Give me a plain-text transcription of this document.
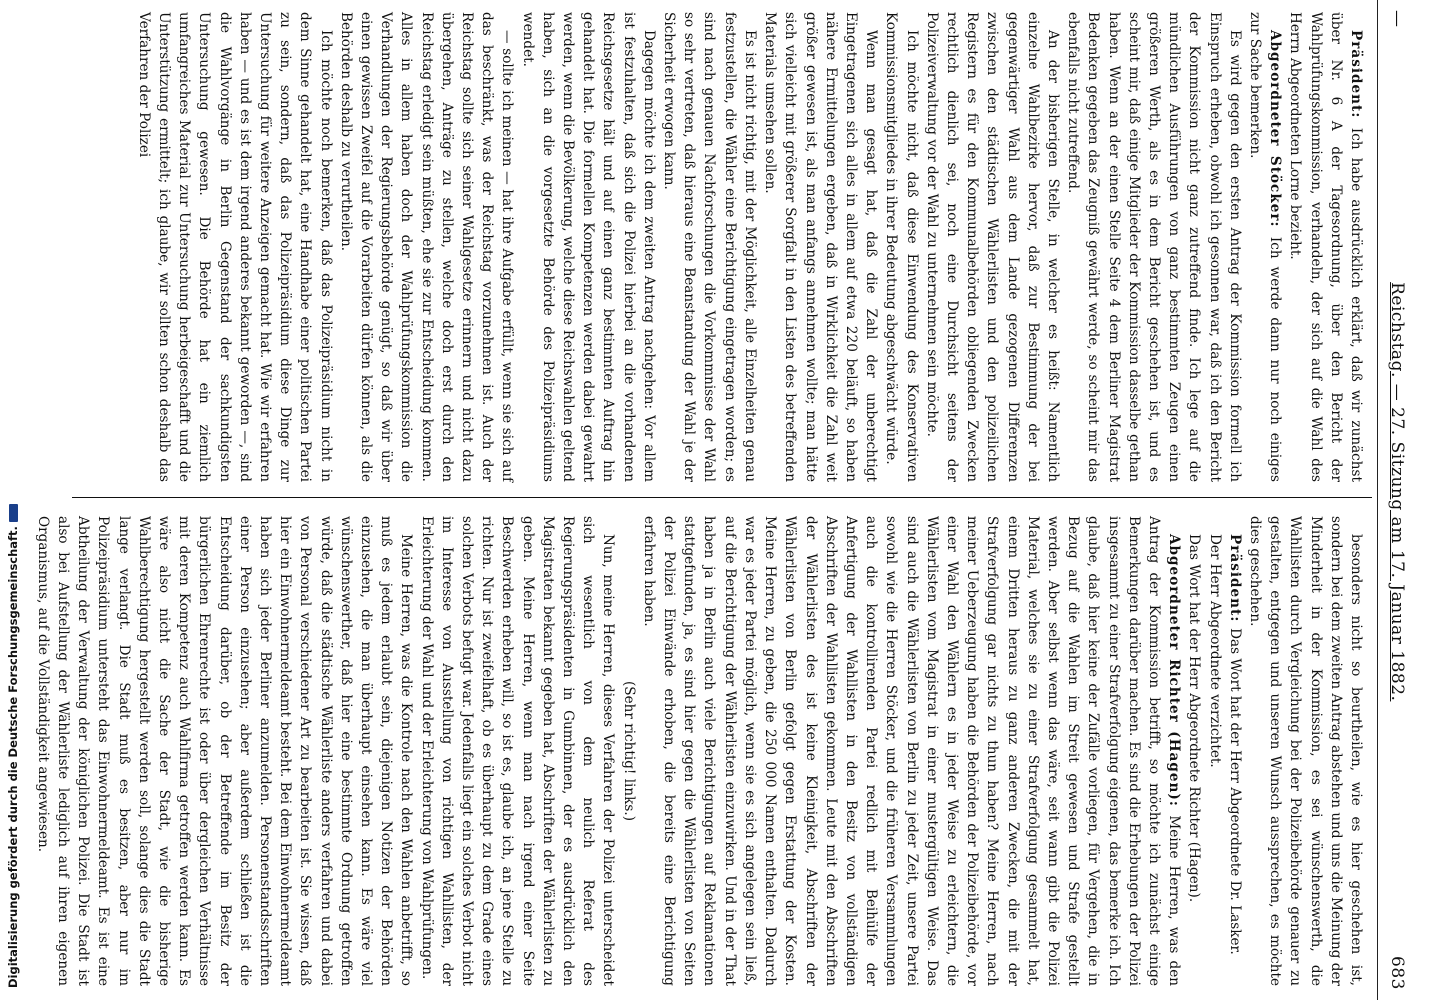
Digitalisierung gefördert durch die Deutsche Forschungsgemeinschaft.
—
Reichstag. — 27. Sitzung am 17. Januar 1882.
683

Präsident: Ich habe ausdrücklich erklärt, daß wir zunächst über Nr. 6 A der Tagesordnung, über den Bericht der Wahlprüfungskommission, verhandeln, der sich auf die Wahl des Herrn Abgeordneten Lorne bezieht.

Abgeordneter Stöcker: Ich werde dann nur noch einiges zur Sache bemerken.

Es wird gegen den ersten Antrag der Kommission formell ich Einspruch erheben, obwohl ich gesonnen war, daß ich den Bericht der Kommission nicht ganz zutreffend finde. Ich lege auf die mündlichen Ausführungen von ganz bestimmten Zeugen einen größeren Werth, als es in dem Bericht geschehen ist, und es scheint mir, daß einige Mitglieder der Kommission dasselbe gethan haben. Wenn an der einen Stelle Seite 4 dem Berliner Magistrat Bedenken gegeben das Zeugniß gewährt werde, so scheint mir das ebenfalls nicht zutreffend.

An der bisherigen Stelle, in welcher es heißt: Namentlich einzelne Wahlbezirke hervor, daß zur Bestimmung der bei gegenwärtiger Wahl aus dem Lande gezogenen Differenzen zwischen den städtischen Wählerlisten und den polizeilichen Registern es für den Kommunalbehörden obliegenden Zwecken rechtlich dienlich sei, noch eine Durchsicht seitens der Polizeiverwaltung vor der Wahl zu unternehmen sein möchte.

Ich möchte nicht, daß diese Einwendung des Konservativen Kommissionsmitgliedes in ihrer Bedeutung abgeschwächt würde.

Wenn man gesagt hat, daß die Zahl der unberechtigt Eingetragenen sich alles in allem auf etwa 220 beläuft, so haben nähere Ermittelungen ergeben, daß in Wirklichkeit die Zahl weit größer gewesen ist, als man anfangs annehmen wollte; man hätte sich vielleicht mit größerer Sorgfalt in den Listen des betreffenden Materials umsehen sollen.

Es ist nicht richtig, mit der Möglichkeit, alle Einzelheiten genau festzustellen, die Wähler eine Berichtigung eingetragen worden; es sind nach genauen Nachforschungen die Vorkommnisse der Wahl so sehr vertreten, daß hieraus eine Beanstandung der Wahl je der Sicherheit erwogen kann.

Dagegen möchte ich dem zweiten Antrag nachgehen: Vor allem ist festzuhalten, daß sich die Polizei hierbei an die vorhandenen Reichsgesetze hält und auf einen ganz bestimmten Auftrag hin gehandelt hat. Die formellen Kompetenzen werden dabei gewahrt werden, wenn die Bevölkerung, welche diese Reichswahlen geltend haben, sich an die vorgesetzte Behörde des Polizeipräsidiums wendet.

— sollte ich meinen — hat ihre Aufgabe erfüllt, wenn sie sich auf das beschränkt, was der Reichstag vorzunehmen ist. Auch der Reichstag sollte sich seiner Wahlgesetze erinnern und nicht dazu übergehen, Anträge zu stellen, welche doch erst durch den Reichstag erledigt sein müßten, ehe sie zur Entscheidung kommen. Alles in allem haben doch der Wahlprüfungskommission die Verhandlungen der Regierungsbehörde genügt, so daß wir über einen gewissen Zweifel auf die Vorarbeiten dürfen können, als die Behörden deshalb zu verurtheilen.

Ich möchte noch bemerken, daß das Polizeipräsidium nicht in dem Sinne gehandelt hat, eine Handhabe einer politischen Partei zu sein, sondern, daß das Polizeipräsidium diese Dinge zur Untersuchung für weitere Anzeigen gemacht hat. Wie wir erfahren haben — und es ist dem irgend anderes bekannt geworden —, sind die Wahlvorgänge in Berlin Gegenstand der sachkundigsten Untersuchung gewesen. Die Behörde hat ein ziemlich umfangreiches Material zur Untersuchung herbeigeschafft und die Unterstützung ermittelt; ich glaube, wir sollten schon deshalb das Verfahren der Polizei

besonders nicht so beurtheilen, wie es hier geschehen ist, sondern bei dem zweiten Antrag abstehen und uns die Meinung der Minderheit in der Kommission, es sei wünschenswerth, die Wahllisten durch Vergleichung bei der Polizeibehörde genauer zu gestalten, entgegen und unseren Wunsch aussprechen, es möchte dies geschehen.

Präsident: Das Wort hat der Herr Abgeordnete Dr. Lasker.

Der Herr Abgeordnete verzichtet.

Das Wort hat der Herr Abgeordnete Richter (Hagen).

Abgeordneter Richter (Hagen): Meine Herren, was den Antrag der Kommission betrifft, so möchte ich zunächst einige Bemerkungen darüber machen. Es sind die Erhebungen der Polizei insgesammt zu einer Strafverfolgung eigenen, das bemerke ich. Ich glaube, daß hier keine der Zufälle vorliegen, für Vergehen, die in Bezug auf die Wahlen im Streit gewesen und Strafe gestellt werden. Aber selbst wenn das wäre, seit wann gibt die Polizei Material, welches sie zu einer Strafverfolgung gesammelt hat, einem Dritten heraus zu ganz anderen Zwecken, die mit der Strafverfolgung gar nichts zu thun haben? Meine Herren, nach meiner Ueberzeugung haben die Behörden der Polizeibehörde, vor einer Wahl den Wählern es in jeder Weise zu erleichtern, die Wählerlisten vom Magistrat in einer mustergültigen Weise. Das sind auch die Wählerlisten von Berlin zu jeder Zeit, unsere Partei sowohl wie die Herren Stöcker, und die früheren Versammlungen auch die kontrollirenden Partei redlich mit Beihülfe der Anfertigung der Wahllisten in den Besitz von vollständigen Abschriften der Wahllisten gekommen. Leute mit den Abschriften der Wählerlisten des ist keine Kleinigkeit, Abschriften der Wählerlisten von Berlin gefolgt gegen Erstattung der Kosten. Meine Herren, zu geben, die 250 000 Namen enthalten. Dadurch war es jeder Partei möglich, wenn sie es sich angelegen sein ließ, auf die Berichtigung der Wählerlisten einzuwirken. Und in der That haben ja in Berlin auch viele Berichtigungen auf Reklamationen stattgefunden, ja, es sind hier gegen die Wählerlisten von Seiten der Polizei Einwände erhoben, die bereits eine Berichtigung erfahren haben.

(Sehr richtig! links.)

Nun, meine Herren, dieses Verfahren der Polizei unterscheidet sich wesentlich von dem neulich Referat des Regierungspräsidenten in Gumbinnen, der es ausdrücklich den Magistraten bekannt gegeben hat, Abschriften der Wählerlisten zu geben. Meine Herren, wenn man nach irgend einer Seite Beschwerden erheben will, so ist es, glaube ich, an jene Stelle zu richten. Nur ist zweifelhaft, ob es überhaupt zu dem Grade eines solchen Verbots befugt war. Jedenfalls liegt ein solches Verbot nicht im Interesse von Ausstellung von richtigen Wahllisten, der Erleichterung der Wahl und der Erleichterung von Wahlprüfungen.

Meine Herren, was die Kontrole nach den Wahlen anbetrifft, so muß es jedem erlaubt sein, diejenigen Notizen der Behörden einzusehen, die man überhaupt einsehen kann. Es wäre viel wünschenswerther, daß hier eine bestimmte Ordnung getroffen würde, daß die städtische Wählerliste anders verfahren und dabei von Personal verschiedener Art zu bearbeiten ist. Sie wissen, daß hier ein Einwohnermeldeamt besteht. Bei dem Einwohnermeldeamt haben sich jeder Berliner anzumelden. Personenstandsschriften einer Person einzusehen; aber außerdem schließen ist die Entscheidung darüber, ob der Betreffende im Besitz der bürgerlichen Ehrenrechte ist oder über dergleichen Verhältnisse mit deren Kompetenz auch Wahlfirma getroffen werden kann. Es wäre also nicht die Sache der Stadt, wie die bisherige Wahlberechtigung hergestellt werden soll, solange dies die Stadt lange verlangt. Die Stadt muß es besitzen, aber nur im Polizeipräsidium untersteht das Einwohnermeldeamt. Es ist eine Abtheilung der Verwaltung der königlichen Polizei. Die Stadt ist also bei Aufstellung der Wählerliste lediglich auf ihren eigenen Organismus, auf die Vollständigkeit angewiesen.
